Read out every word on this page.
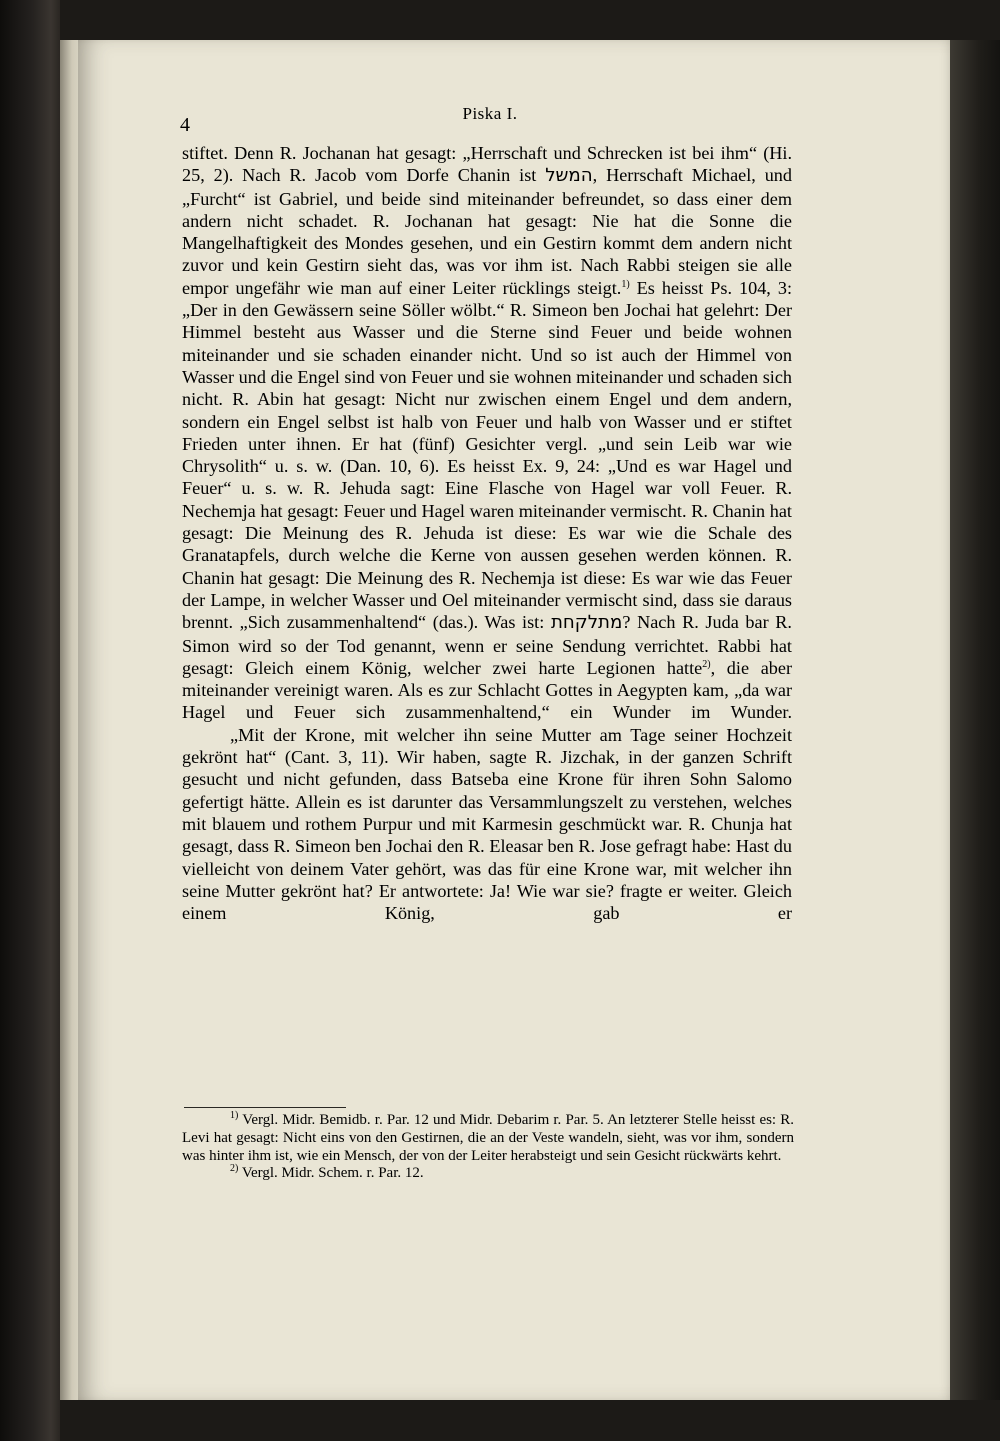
4
Piska I.

stiftet. Denn R. Jochanan hat gesagt: „Herrschaft und Schrecken ist bei ihm“ (Hi. 25, 2). Nach R. Jacob vom Dorfe Chanin ist המשל, Herrschaft Michael, und „Furcht“ ist Gabriel, und beide sind miteinander befreundet, so dass einer dem andern nicht schadet. R. Jochanan hat gesagt: Nie hat die Sonne die Mangelhaftigkeit des Mondes gesehen, und ein Gestirn kommt dem andern nicht zuvor und kein Gestirn sieht das, was vor ihm ist. Nach Rabbi steigen sie alle empor ungefähr wie man auf einer Leiter rücklings steigt.$^{1)}$ Es heisst Ps. 104, 3: „Der in den Gewässern seine Söller wölbt.“ R. Simeon ben Jochai hat gelehrt: Der Himmel besteht aus Wasser und die Sterne sind Feuer und beide wohnen miteinander und sie schaden einander nicht. Und so ist auch der Himmel von Wasser und die Engel sind von Feuer und sie wohnen miteinander und schaden sich nicht. R. Abin hat gesagt: Nicht nur zwischen einem Engel und dem andern, sondern ein Engel selbst ist halb von Feuer und halb von Wasser und er stiftet Frieden unter ihnen. Er hat (fünf) Gesichter vergl. „und sein Leib war wie Chrysolith“ u. s. w. (Dan. 10, 6). Es heisst Ex. 9, 24: „Und es war Hagel und Feuer“ u. s. w. R. Jehuda sagt: Eine Flasche von Hagel war voll Feuer. R. Nechemja hat gesagt: Feuer und Hagel waren miteinander vermischt. R. Chanin hat gesagt: Die Meinung des R. Jehuda ist diese: Es war wie die Schale des Granatapfels, durch welche die Kerne von aussen gesehen werden können. R. Chanin hat gesagt: Die Meinung des R. Nechemja ist diese: Es war wie das Feuer der Lampe, in welcher Wasser und Oel miteinander vermischt sind, dass sie daraus brennt. „Sich zusammenhaltend“ (das.). Was ist: מתלקחת? Nach R. Juda bar R. Simon wird so der Tod genannt, wenn er seine Sendung verrichtet. Rabbi hat gesagt: Gleich einem König, welcher zwei harte Legionen hatte$^{2)}$, die aber miteinander vereinigt waren. Als es zur Schlacht Gottes in Aegypten kam, „da war Hagel und Feuer sich zusammenhaltend,“ ein Wunder im Wunder.

„Mit der Krone, mit welcher ihn seine Mutter am Tage seiner Hochzeit gekrönt hat“ (Cant. 3, 11). Wir haben, sagte R. Jizchak, in der ganzen Schrift gesucht und nicht gefunden, dass Batseba eine Krone für ihren Sohn Salomo gefertigt hätte. Allein es ist darunter das Versammlungszelt zu verstehen, welches mit blauem und rothem Purpur und mit Karmesin geschmückt war. R. Chunja hat gesagt, dass R. Simeon ben Jochai den R. Eleasar ben R. Jose gefragt habe: Hast du vielleicht von deinem Vater gehört, was das für eine Krone war, mit welcher ihn seine Mutter gekrönt hat? Er antwortete: Ja! Wie war sie? fragte er weiter. Gleich einem König, gab er

$^{1)}$ Vergl. Midr. Bemidb. r. Par. 12 und Midr. Debarim r. Par. 5. An letzterer Stelle heisst es: R. Levi hat gesagt: Nicht eins von den Gestirnen, die an der Veste wandeln, sieht, was vor ihm, sondern was hinter ihm ist, wie ein Mensch, der von der Leiter herabsteigt und sein Gesicht rückwärts kehrt.

$^{2)}$ Vergl. Midr. Schem. r. Par. 12.
